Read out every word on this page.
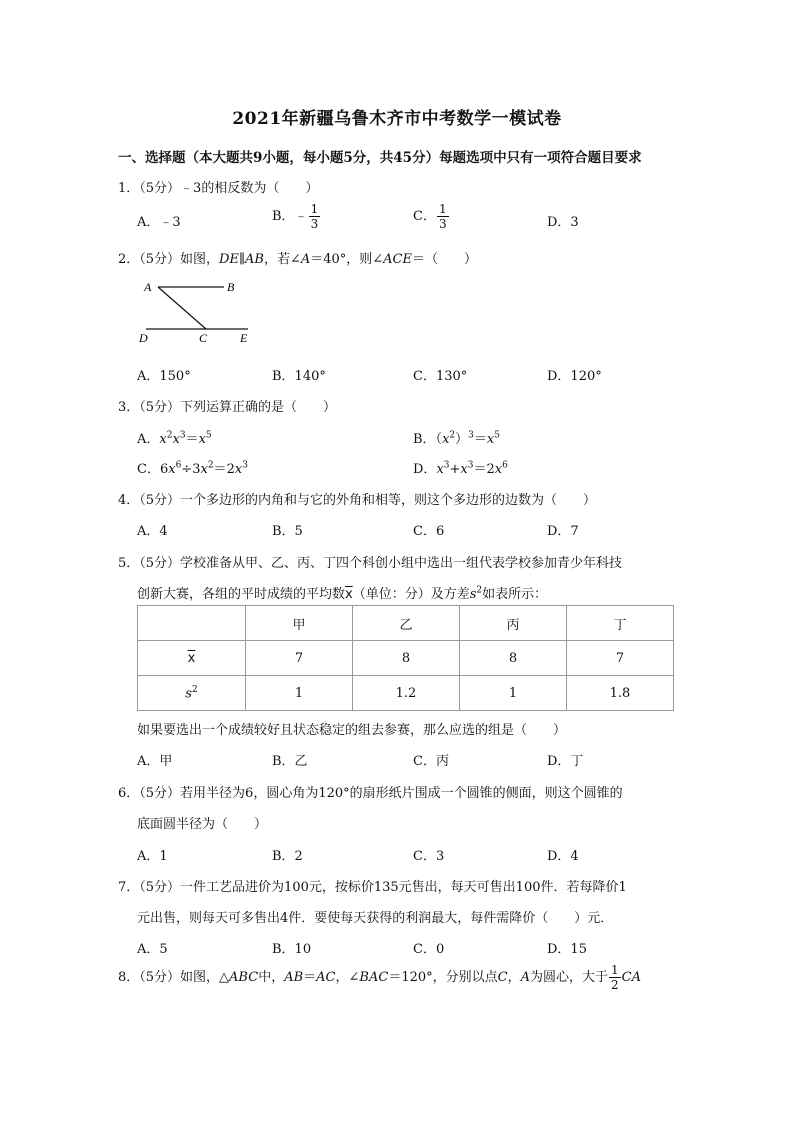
2021年新疆乌鲁木齐市中考数学一模试卷
一、选择题（本大题共9小题，每小题5分，共45分）每题选项中只有一项符合题目要求
1．（5分）﹣3的相反数为（　　）
A．﹣3	B．﹣ $\frac{1}{3}$	C． $\frac{1}{3}$	D．3
2．（5分）如图，DE∥AB，若∠A＝40°，则∠ACE＝（　　）
A	B
D	C	E
A．150°	B．140°	C．130°	D．120°
3．（5分）下列运算正确的是（　　）
A．$x^2x^3=x^5$	B．$(x^2)^3=x^5$
C．$6x^6\div 3x^2=2x^3$	D．$x^3+x^3=2x^6$
4．（5分）一个多边形的内角和与它的外角和相等，则这个多边形的边数为（　　）
A．4	B．5	C．6	D．7
5．（5分）学校准备从甲、乙、丙、丁四个科创小组中选出一组代表学校参加青少年科技
创新大赛，各组的平时成绩的平均数$\overline{x}$（单位：分）及方差$s^2$如表所示：
	甲	乙	丙	丁
$\overline{x}$	7	8	8	7
$s^2$	1	1.2	1	1.8
如果要选出一个成绩较好且状态稳定的组去参赛，那么应选的组是（　　）
A．甲	B．乙	C．丙	D．丁
6．（5分）若用半径为6，圆心角为120°的扇形纸片围成一个圆锥的侧面，则这个圆锥的
底面圆半径为（　　）
A．1	B．2	C．3	D．4
7．（5分）一件工艺品进价为100元，按标价135元售出，每天可售出100件．若每降价1
元出售，则每天可多售出4件．要使每天获得的利润最大，每件需降价（　　）元．
A．5	B．10	C．0	D．15
8．（5分）如图，△ABC中，AB＝AC，∠BAC＝120°，分别以点C，A为圆心，大于 $\frac{1}{2}$ CA
